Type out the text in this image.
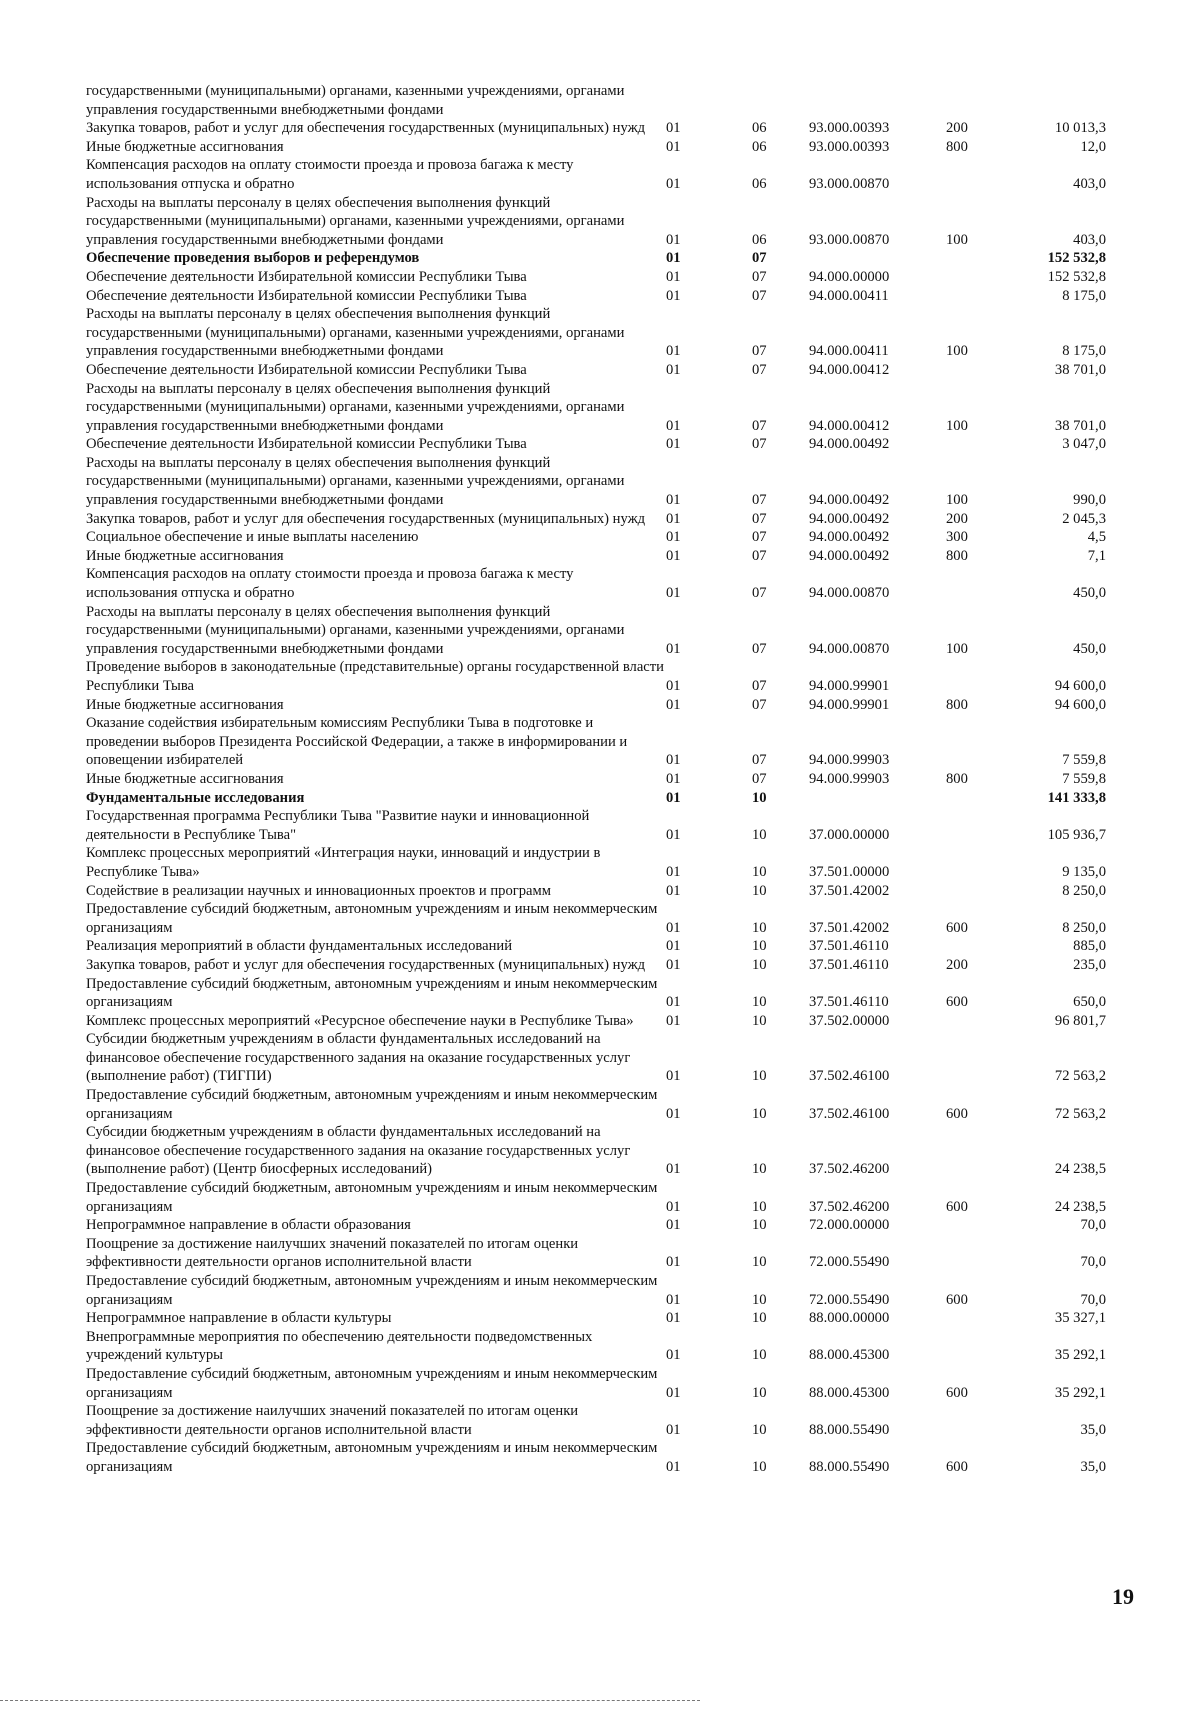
государственными (муниципальными) органами, казенными учреждениями, органами управления государственными внебюджетными фондами					
Закупка товаров, работ и услуг для обеспечения государственных (муниципальных) нужд	01	06	93.000.00393	200	10 013,3
Иные бюджетные ассигнования	01	06	93.000.00393	800	12,0
Компенсация расходов на оплату стоимости проезда и провоза багажа к месту использования отпуска и обратно	01	06	93.000.00870		403,0
Расходы на выплаты персоналу в целях обеспечения выполнения функций государственными (муниципальными) органами, казенными учреждениями, органами управления государственными внебюджетными фондами	01	06	93.000.00870	100	403,0
Обеспечение проведения выборов и референдумов	01	07			152 532,8
Обеспечение деятельности Избирательной комиссии Республики Тыва	01	07	94.000.00000		152 532,8
Обеспечение деятельности Избирательной комиссии Республики Тыва	01	07	94.000.00411		8 175,0
Расходы на выплаты персоналу в целях обеспечения выполнения функций государственными (муниципальными) органами, казенными учреждениями, органами управления государственными внебюджетными фондами	01	07	94.000.00411	100	8 175,0
Обеспечение деятельности Избирательной комиссии Республики Тыва	01	07	94.000.00412		38 701,0
Расходы на выплаты персоналу в целях обеспечения выполнения функций государственными (муниципальными) органами, казенными учреждениями, органами управления государственными внебюджетными фондами	01	07	94.000.00412	100	38 701,0
Обеспечение деятельности Избирательной комиссии Республики Тыва	01	07	94.000.00492		3 047,0
Расходы на выплаты персоналу в целях обеспечения выполнения функций государственными (муниципальными) органами, казенными учреждениями, органами управления государственными внебюджетными фондами	01	07	94.000.00492	100	990,0
Закупка товаров, работ и услуг для обеспечения государственных (муниципальных) нужд	01	07	94.000.00492	200	2 045,3
Социальное обеспечение и иные выплаты населению	01	07	94.000.00492	300	4,5
Иные бюджетные ассигнования	01	07	94.000.00492	800	7,1
Компенсация расходов на оплату стоимости проезда и провоза багажа к месту использования отпуска и обратно	01	07	94.000.00870		450,0
Расходы на выплаты персоналу в целях обеспечения выполнения функций государственными (муниципальными) органами, казенными учреждениями, органами управления государственными внебюджетными фондами	01	07	94.000.00870	100	450,0
Проведение выборов в законодательные (представительные) органы государственной власти Республики Тыва	01	07	94.000.99901		94 600,0
Иные бюджетные ассигнования	01	07	94.000.99901	800	94 600,0
Оказание содействия избирательным комиссиям Республики Тыва в подготовке и проведении выборов Президента Российской Федерации, а также в информировании и оповещении избирателей	01	07	94.000.99903		7 559,8
Иные бюджетные ассигнования	01	07	94.000.99903	800	7 559,8
Фундаментальные исследования	01	10			141 333,8
Государственная программа Республики Тыва "Развитие науки и инновационной деятельности в Республике Тыва"	01	10	37.000.00000		105 936,7
Комплекс процессных мероприятий «Интеграция науки, инноваций и индустрии в Республике Тыва»	01	10	37.501.00000		9 135,0
Содействие в реализации научных и инновационных проектов и программ	01	10	37.501.42002		8 250,0
Предоставление субсидий бюджетным, автономным учреждениям и иным некоммерческим организациям	01	10	37.501.42002	600	8 250,0
Реализация мероприятий в области фундаментальных исследований	01	10	37.501.46110		885,0
Закупка товаров, работ и услуг для обеспечения государственных (муниципальных) нужд	01	10	37.501.46110	200	235,0
Предоставление субсидий бюджетным, автономным учреждениям и иным некоммерческим организациям	01	10	37.501.46110	600	650,0
Комплекс процессных мероприятий «Ресурсное обеспечение науки в Республике Тыва»	01	10	37.502.00000		96 801,7
Субсидии бюджетным учреждениям в области фундаментальных исследований на финансовое обеспечение государственного задания на оказание государственных услуг (выполнение работ) (ТИГПИ)	01	10	37.502.46100		72 563,2
Предоставление субсидий бюджетным, автономным учреждениям и иным некоммерческим организациям	01	10	37.502.46100	600	72 563,2
Субсидии бюджетным учреждениям в области фундаментальных исследований на финансовое обеспечение государственного задания на оказание государственных услуг (выполнение работ) (Центр биосферных исследований)	01	10	37.502.46200		24 238,5
Предоставление субсидий бюджетным, автономным учреждениям и иным некоммерческим организациям	01	10	37.502.46200	600	24 238,5
Непрограммное направление в области образования	01	10	72.000.00000		70,0
Поощрение за достижение наилучших значений показателей по итогам оценки эффективности деятельности органов исполнительной власти	01	10	72.000.55490		70,0
Предоставление субсидий бюджетным, автономным учреждениям и иным некоммерческим организациям	01	10	72.000.55490	600	70,0
Непрограммное направление в области культуры	01	10	88.000.00000		35 327,1
Внепрограммные мероприятия по обеспечению деятельности подведомственных учреждений культуры	01	10	88.000.45300		35 292,1
Предоставление субсидий бюджетным, автономным учреждениям и иным некоммерческим организациям	01	10	88.000.45300	600	35 292,1
Поощрение за достижение наилучших значений показателей по итогам оценки эффективности деятельности органов исполнительной власти	01	10	88.000.55490		35,0
Предоставление субсидий бюджетным, автономным учреждениям и иным некоммерческим организациям	01	10	88.000.55490	600	35,0
19
